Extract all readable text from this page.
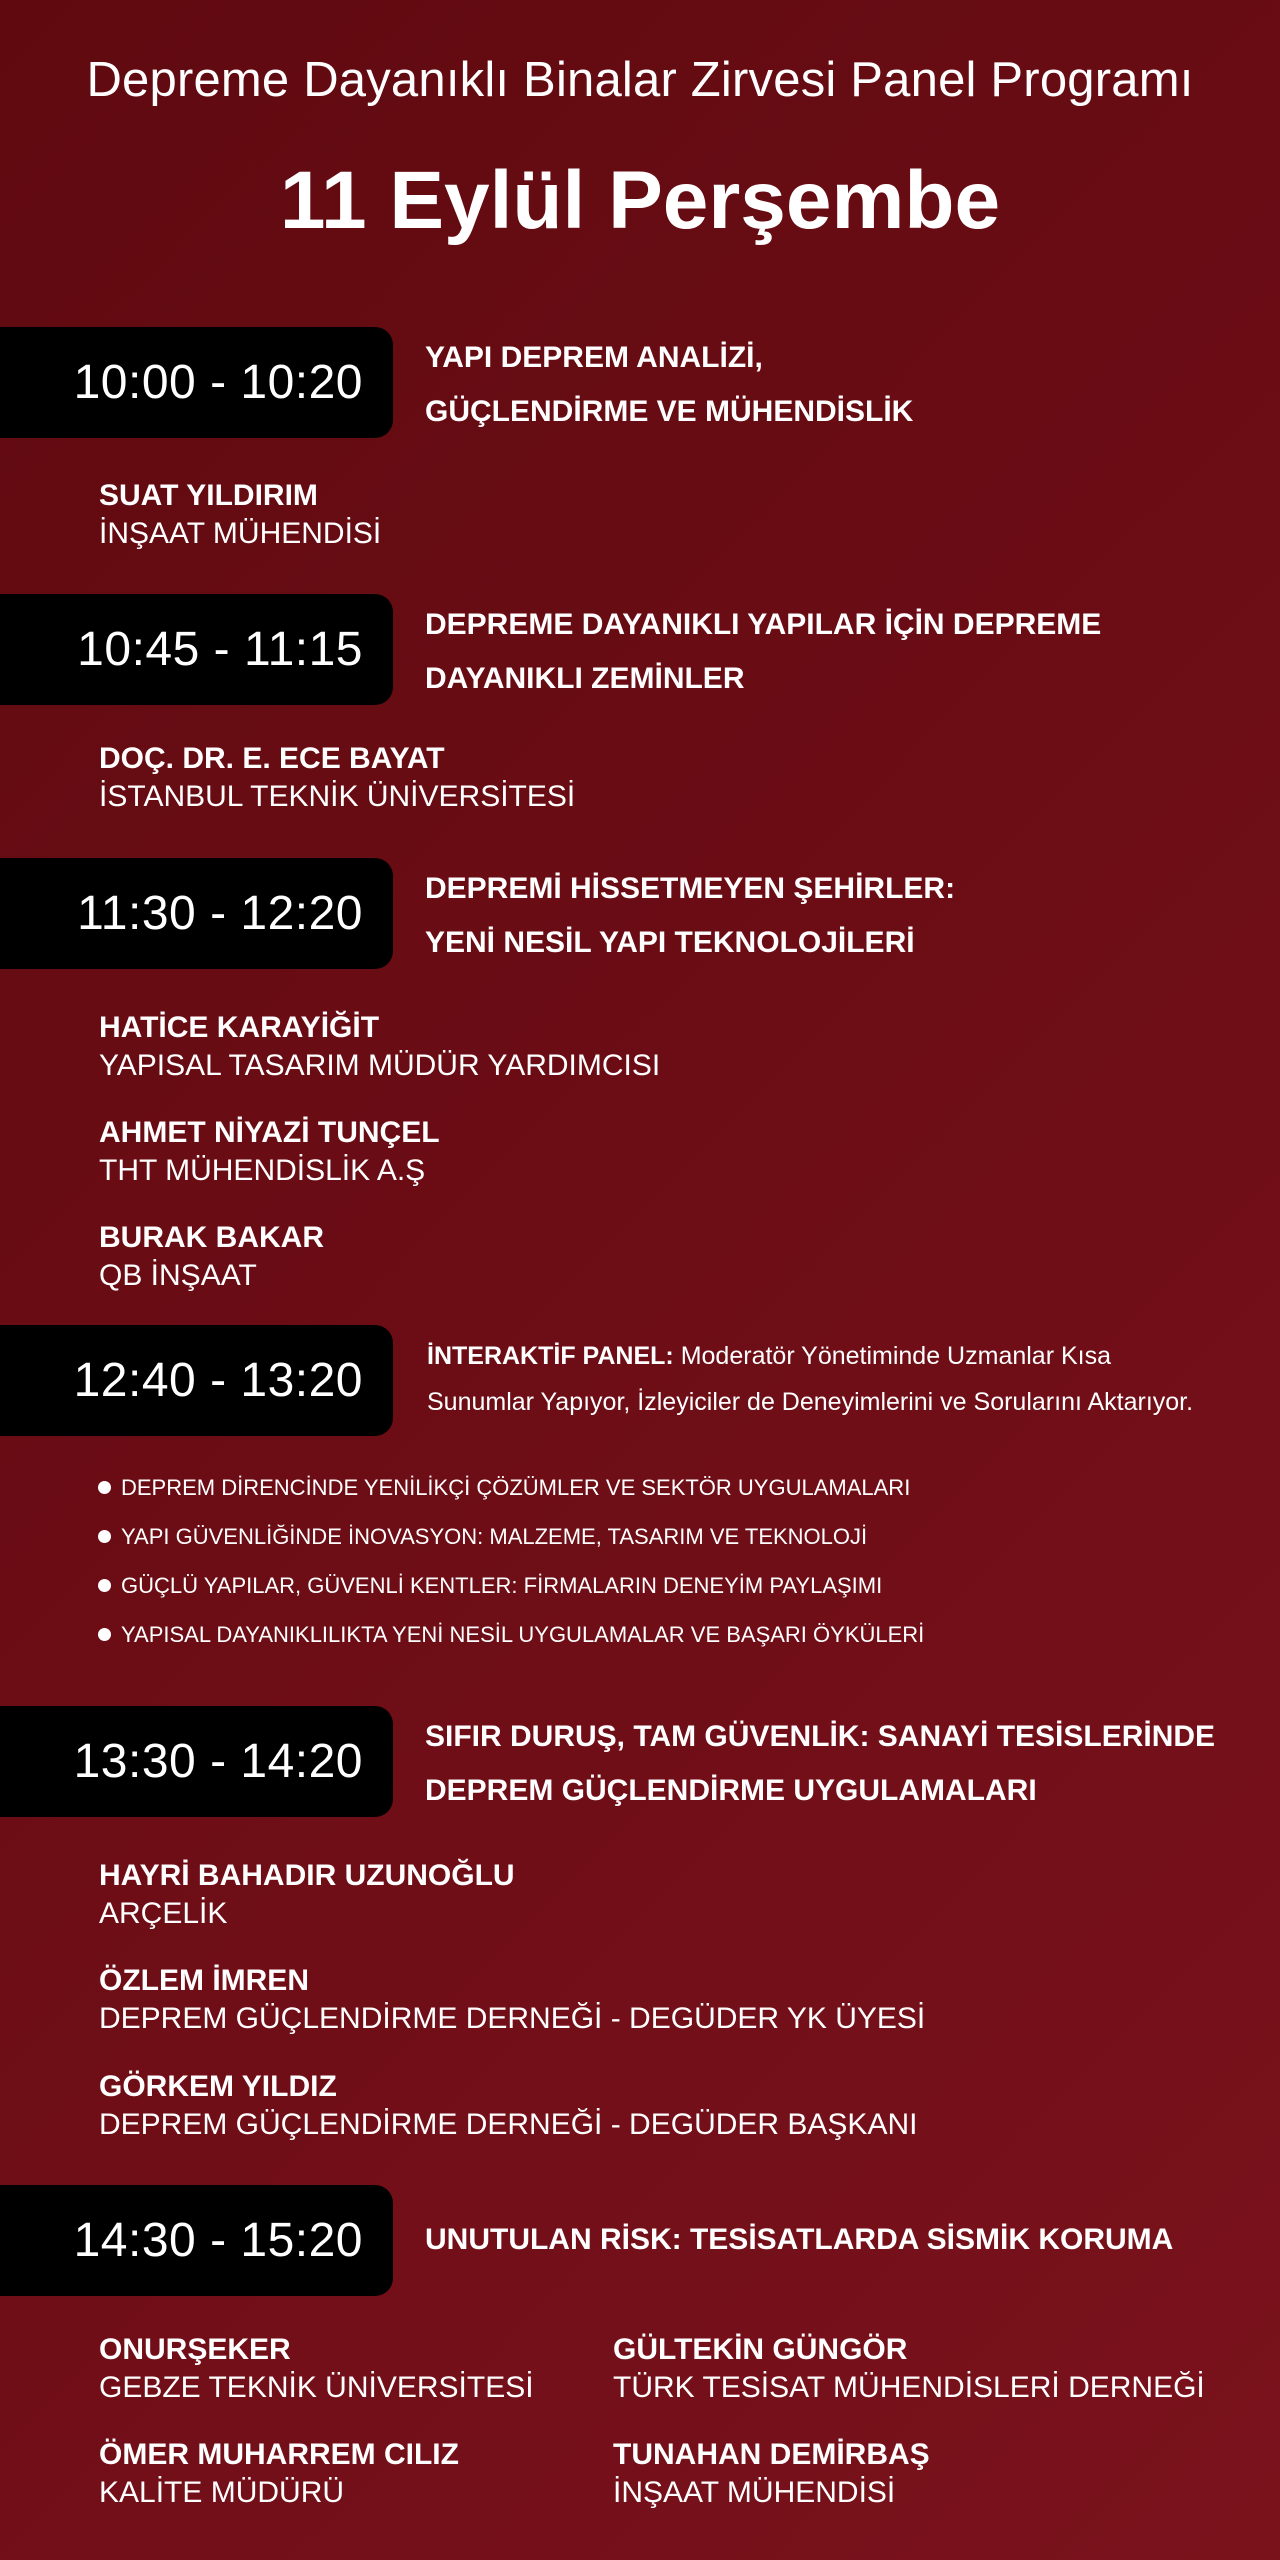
Depreme Dayanıklı Binalar Zirvesi Panel Programı
11 Eylül Perşembe
10:00 - 10:20	YAPI DEPREM ANALİZİ,
GÜÇLENDİRME VE MÜHENDİSLİK
SUAT YILDIRIM
İNŞAAT MÜHENDİSİ
10:45 - 11:15	DEPREME DAYANIKLI YAPILAR İÇİN DEPREME
DAYANIKLI ZEMİNLER
DOÇ. DR. E. ECE BAYAT
İSTANBUL TEKNİK ÜNİVERSİTESİ
11:30 - 12:20	DEPREMİ HİSSETMEYEN ŞEHİRLER:
YENİ NESİL YAPI TEKNOLOJİLERİ
HATİCE KARAYİĞİT
YAPISAL TASARIM MÜDÜR YARDIMCISI
AHMET NİYAZİ TUNÇEL
THT MÜHENDİSLİK A.Ş
BURAK BAKAR
QB İNŞAAT
12:40 - 13:20	İNTERAKTİF PANEL: Moderatör Yönetiminde Uzmanlar Kısa
Sunumlar Yapıyor, İzleyiciler de Deneyimlerini ve Sorularını Aktarıyor.
DEPREM DİRENCİNDE YENİLİKÇİ ÇÖZÜMLER VE SEKTÖR UYGULAMALARI
YAPI GÜVENLİĞİNDE İNOVASYON: MALZEME, TASARIM VE TEKNOLOJİ
GÜÇLÜ YAPILAR, GÜVENLİ KENTLER: FİRMALARIN DENEYİM PAYLAŞIMI
YAPISAL DAYANIKLILIKTA YENİ NESİL UYGULAMALAR VE BAŞARI ÖYKÜLERİ
13:30 - 14:20	SIFIR DURUŞ, TAM GÜVENLİK: SANAYİ TESİSLERİNDE
DEPREM GÜÇLENDİRME UYGULAMALARI
HAYRİ BAHADIR UZUNOĞLU
ARÇELİK
ÖZLEM İMREN
DEPREM GÜÇLENDİRME DERNEĞİ - DEGÜDER YK ÜYESİ
GÖRKEM YILDIZ
DEPREM GÜÇLENDİRME DERNEĞİ - DEGÜDER BAŞKANI
14:30 - 15:20	UNUTULAN RİSK: TESİSATLARDA SİSMİK KORUMA
ONURŞEKER
GEBZE TEKNİK ÜNİVERSİTESİ
GÜLTEKİN GÜNGÖR
TÜRK TESİSAT MÜHENDİSLERİ DERNEĞİ
ÖMER MUHARREM CILIZ
KALİTE MÜDÜRÜ
TUNAHAN DEMİRBAŞ
İNŞAAT MÜHENDİSİ
